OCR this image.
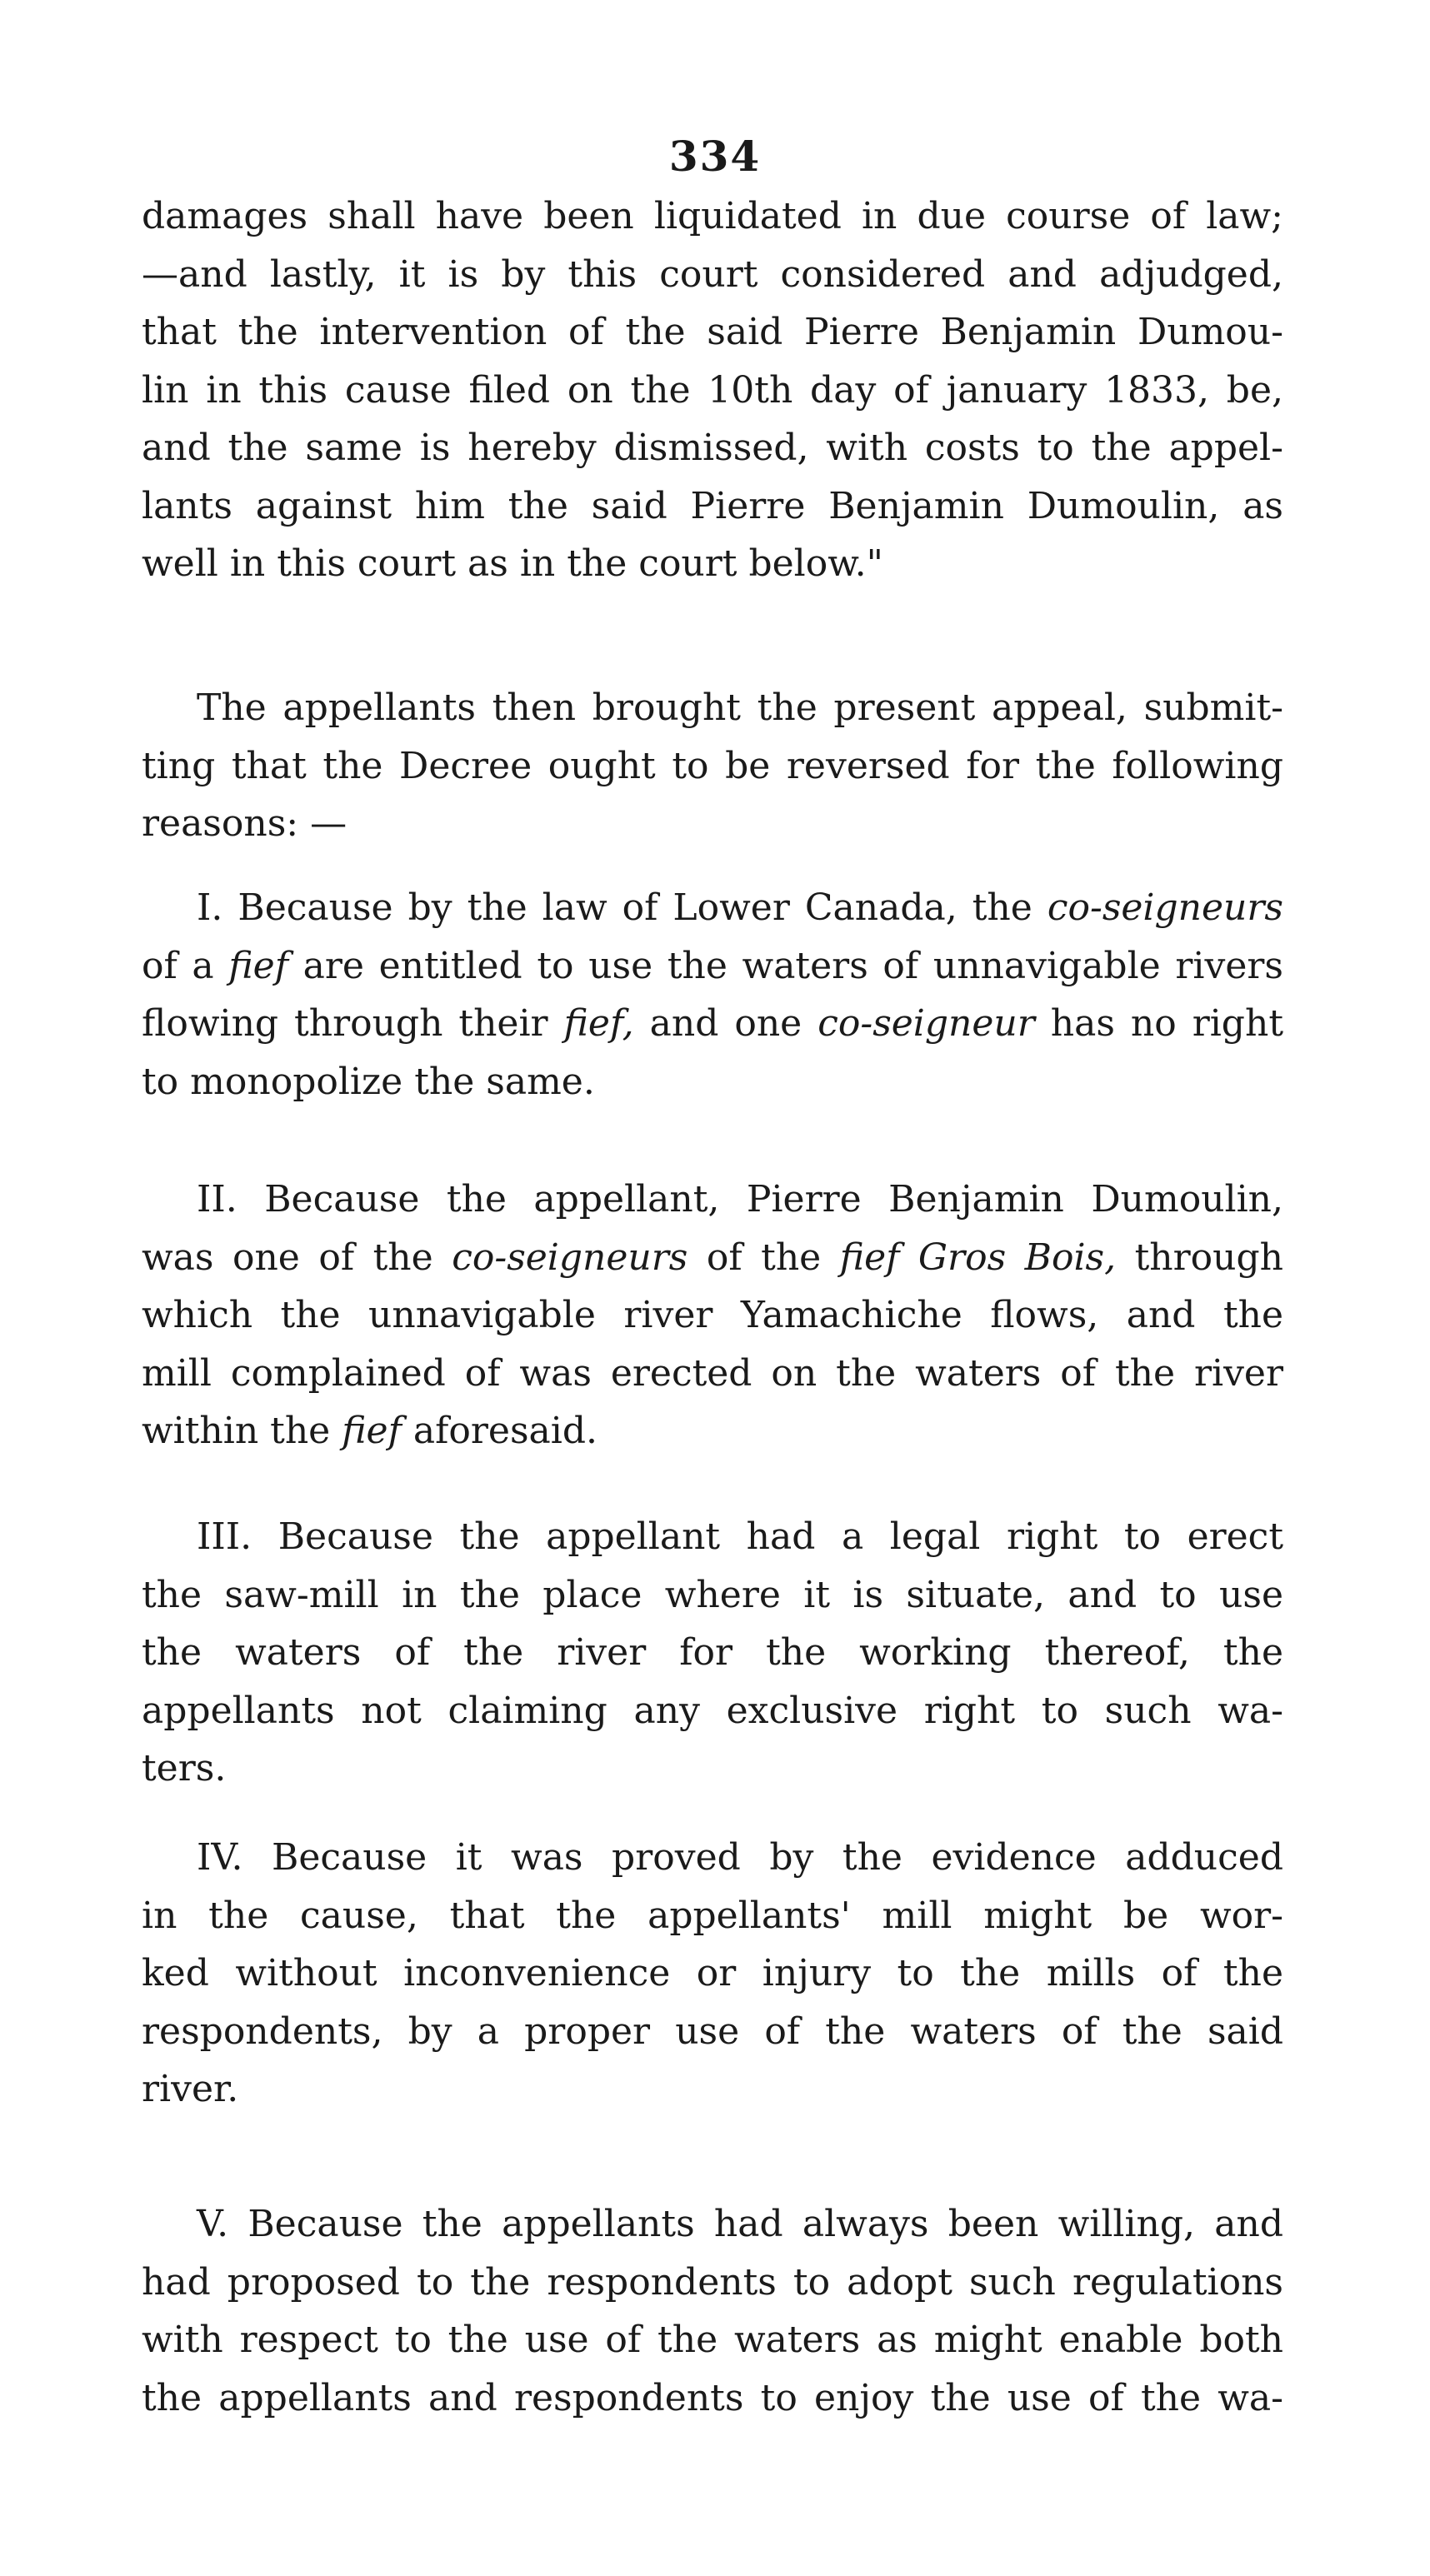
334
damages shall have been liquidated in due course of law;
—and lastly, it is by this court considered and adjudged,
that the intervention of the said Pierre Benjamin Dumou-
lin in this cause filed on the 10th day of january 1833, be,
and the same is hereby dismissed, with costs to the appel-
lants against him the said Pierre Benjamin Dumoulin, as
well in this court as in the court below."
The appellants then brought the present appeal, submit-
ting that the Decree ought to be reversed for the following
reasons: —
I. Because by the law of Lower Canada, the co-seigneurs
of a fief are entitled to use the waters of unnavigable rivers
flowing through their fief, and one co-seigneur has no right
to monopolize the same.
II. Because the appellant, Pierre Benjamin Dumoulin,
was one of the co-seigneurs of the fief Gros Bois, through
which the unnavigable river Yamachiche flows, and the
mill complained of was erected on the waters of the river
within the fief aforesaid.
III. Because the appellant had a legal right to erect
the saw-mill in the place where it is situate, and to use
the waters of the river for the working thereof, the
appellants not claiming any exclusive right to such wa-
ters.
IV. Because it was proved by the evidence adduced
in the cause, that the appellants' mill might be wor-
ked without inconvenience or injury to the mills of the
respondents, by a proper use of the waters of the said
river.
V. Because the appellants had always been willing, and
had proposed to the respondents to adopt such regulations
with respect to the use of the waters as might enable both
the appellants and respondents to enjoy the use of the wa-
